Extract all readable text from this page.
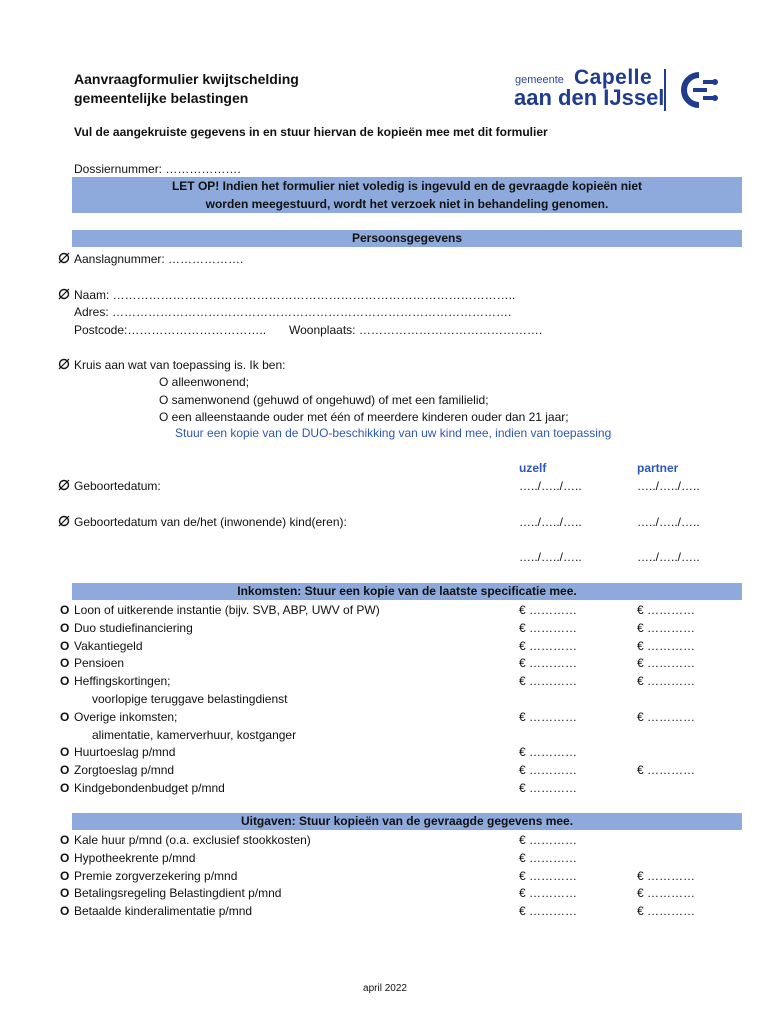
Aanvraagformulier kwijtschelding
gemeentelijke belastingen
gemeente Capelle
aan den IJssel
Vul de aangekruiste gegevens in en stuur hiervan de kopieën mee met dit formulier
Dossiernummer: ……………….
LET OP! Indien het formulier niet voledig is ingevuld en de gevraagde kopieën niet
worden meegestuurd, wordt het verzoek niet in behandeling genomen.
Persoonsgegevens
Aanslagnummer: ……………….
Naam: ………………………………………………………………………………………..
Adres: ……………………………………………………………………………………….
Postcode:…………………………….. Woonplaats: ……………………………………….
Kruis aan wat van toepassing is. Ik ben:
O alleenwonend;
O samenwonend (gehuwd of ongehuwd) of met een familielid;
O een alleenstaande ouder met één of meerdere kinderen ouder dan 21 jaar;
Stuur een kopie van de DUO-beschikking van uw kind mee, indien van toepassing
uzelf	partner
Geboortedatum:	…../…../…..	…../…../…..
Geboortedatum van de/het (inwonende) kind(eren):	…../…../…..	…../…../…..
…../…../…..	…../…../…..
Inkomsten: Stuur een kopie van de laatste specificatie mee.
O Loon of uitkerende instantie (bijv. SVB, ABP, UWV of PW)	€ …………	€ …………
O Duo studiefinanciering	€ …………	€ …………
O Vakantiegeld	€ …………	€ …………
O Pensioen	€ …………	€ …………
O Heffingskortingen;	€ …………	€ …………
voorlopige teruggave belastingdienst
O Overige inkomsten;	€ …………	€ …………
alimentatie, kamerverhuur, kostganger
O Huurtoeslag p/mnd	€ …………
O Zorgtoeslag p/mnd	€ …………	€ …………
O Kindgebondenbudget p/mnd	€ …………
Uitgaven: Stuur kopieën van de gevraagde gegevens mee.
O Kale huur p/mnd (o.a. exclusief stookkosten)	€ …………
O Hypotheekrente p/mnd	€ …………
O Premie zorgverzekering p/mnd	€ …………	€ …………
O Betalingsregeling Belastingdient p/mnd	€ …………	€ …………
O Betaalde kinderalimentatie p/mnd	€ …………	€ …………
april 2022
